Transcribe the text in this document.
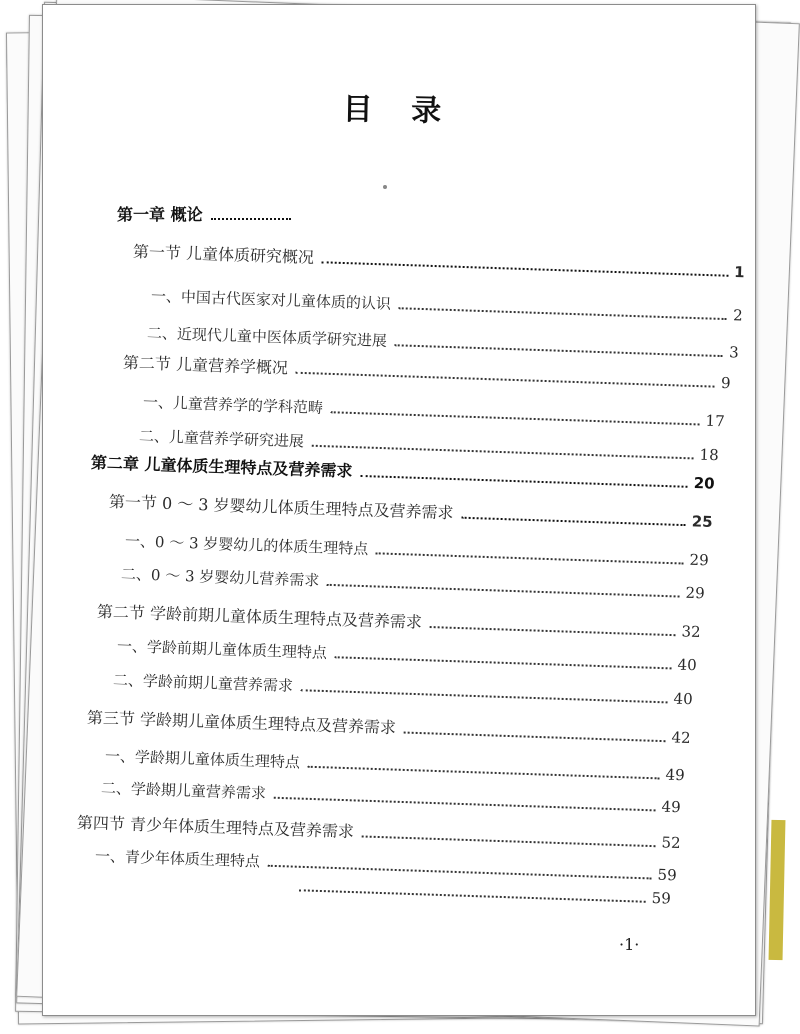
目 录
第一章 概论
第一节 儿童体质研究概况
1
一、中国古代医家对儿童体质的认识
2
二、近现代儿童中医体质学研究进展
3
第二节 儿童营养学概况
9
一、儿童营养学的学科范畴
17
二、儿童营养学研究进展
18
第二章 儿童体质生理特点及营养需求
20
第一节 0 ～ 3 岁婴幼儿体质生理特点及营养需求	25
一、0 ～ 3 岁婴幼儿的体质生理特点
29
二、0 ～ 3 岁婴幼儿营养需求
29
第二节 学龄前期儿童体质生理特点及营养需求	32
一、学龄前期儿童体质生理特点
40
二、学龄前期儿童营养需求
40
第三节 学龄期儿童体质生理特点及营养需求
42
一、学龄期儿童体质生理特点
49
二、学龄期儿童营养需求
49
第四节 青少年体质生理特点及营养需求
52
一、青少年体质生理特点
59
59
·1·
